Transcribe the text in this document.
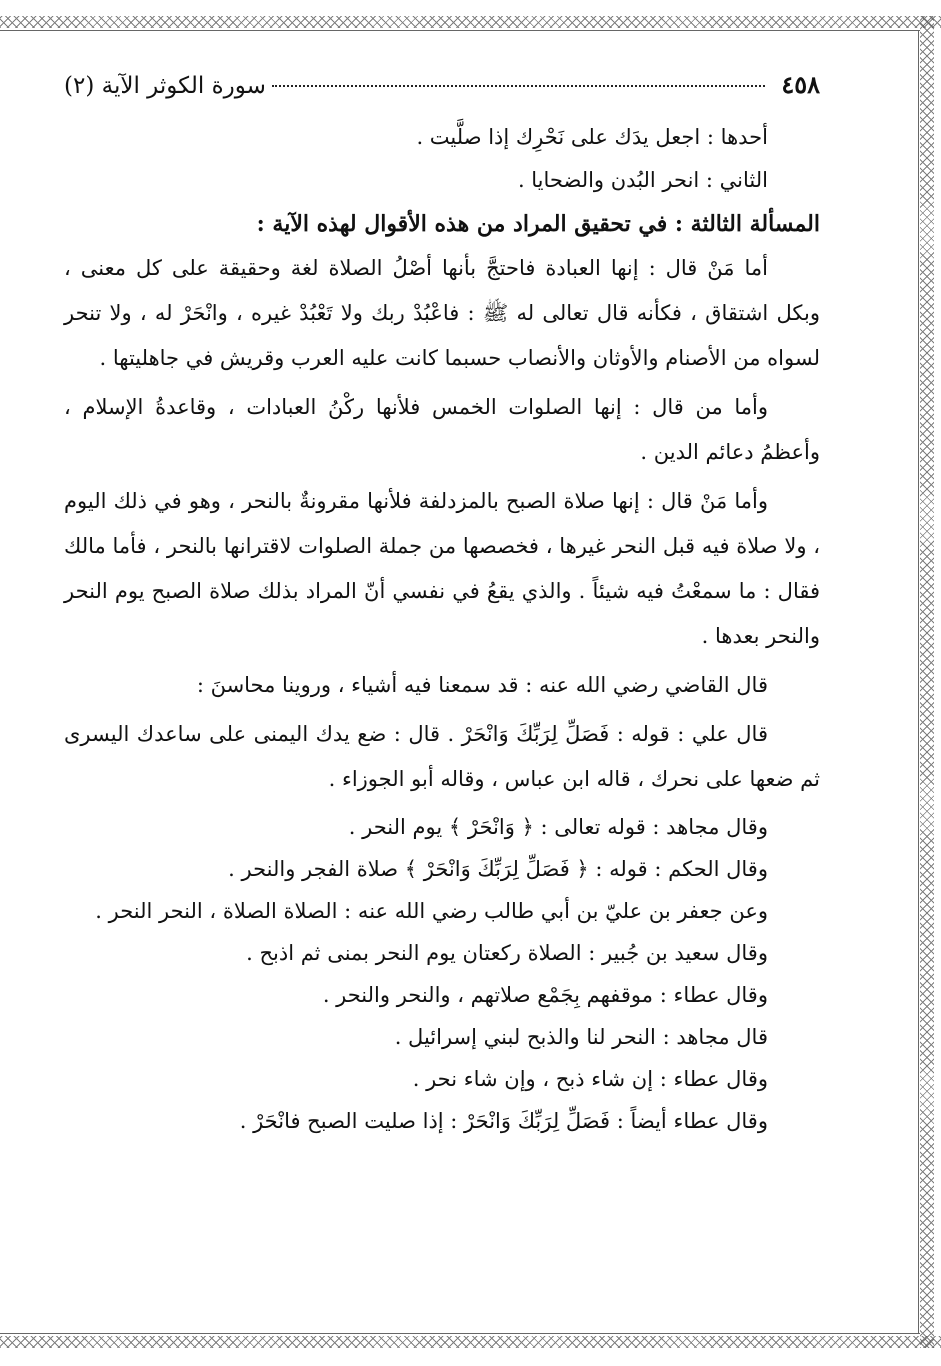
٤٥٨
سورة الكوثر الآية (٢)

أحدها : اجعل يدَك على نَحْرِك إذا صلَّيت .

الثاني : انحر البُدن والضحايا .

المسألة الثالثة : في تحقيق المراد من هذه الأقوال لهذه الآية :

أما مَنْ قال : إنها العبادة فاحتجَّ بأنها أصْلُ الصلاة لغة وحقيقة على كل معنى ، وبكل اشتقاق ، فكأنه قال تعالى له ﷺ : فاعْبُدْ ربك ولا تَعْبُدْ غيره ، وانْحَرْ له ، ولا تنحر لسواه من الأصنام والأوثان والأنصاب حسبما كانت عليه العرب وقريش في جاهليتها .

وأما من قال : إنها الصلوات الخمس فلأنها ركْنُ العبادات ، وقاعدةُ الإسلام ، وأعظمُ دعائم الدين .

وأما مَنْ قال : إنها صلاة الصبح بالمزدلفة فلأنها مقرونةٌ بالنحر ، وهو في ذلك اليوم ، ولا صلاة فيه قبل النحر غيرها ، فخصصها من جملة الصلوات لاقترانها بالنحر ، فأما مالك فقال : ما سمعْتُ فيه شيئاً . والذي يقعُ في نفسي أنّ المراد بذلك صلاة الصبح يوم النحر والنحر بعدها .

قال القاضي رضي الله عنه : قد سمعنا فيه أشياء ، وروينا محاسنَ :

قال علي : قوله : فَصَلِّ لِرَبِّكَ وَانْحَرْ . قال : ضع يدك اليمنى على ساعدك اليسرى ثم ضعها على نحرك ، قاله ابن عباس ، وقاله أبو الجوزاء .

وقال مجاهد : قوله تعالى : ﴿ وَانْحَرْ ﴾ يوم النحر .

وقال الحكم : قوله : ﴿ فَصَلِّ لِرَبِّكَ وَانْحَرْ ﴾ صلاة الفجر والنحر .

وعن جعفر بن عليّ بن أبي طالب رضي الله عنه : الصلاة الصلاة ، النحر النحر .

وقال سعيد بن جُبير : الصلاة ركعتان يوم النحر بمنى ثم اذبح .

وقال عطاء : موقفهم بِجَمْع صلاتهم ، والنحر والنحر .

قال مجاهد : النحر لنا والذبح لبني إسرائيل .

وقال عطاء : إن شاء ذبح ، وإن شاء نحر .

وقال عطاء أيضاً : فَصَلِّ لِرَبِّكَ وَانْحَرْ : إذا صليت الصبح فانْحَرْ .
